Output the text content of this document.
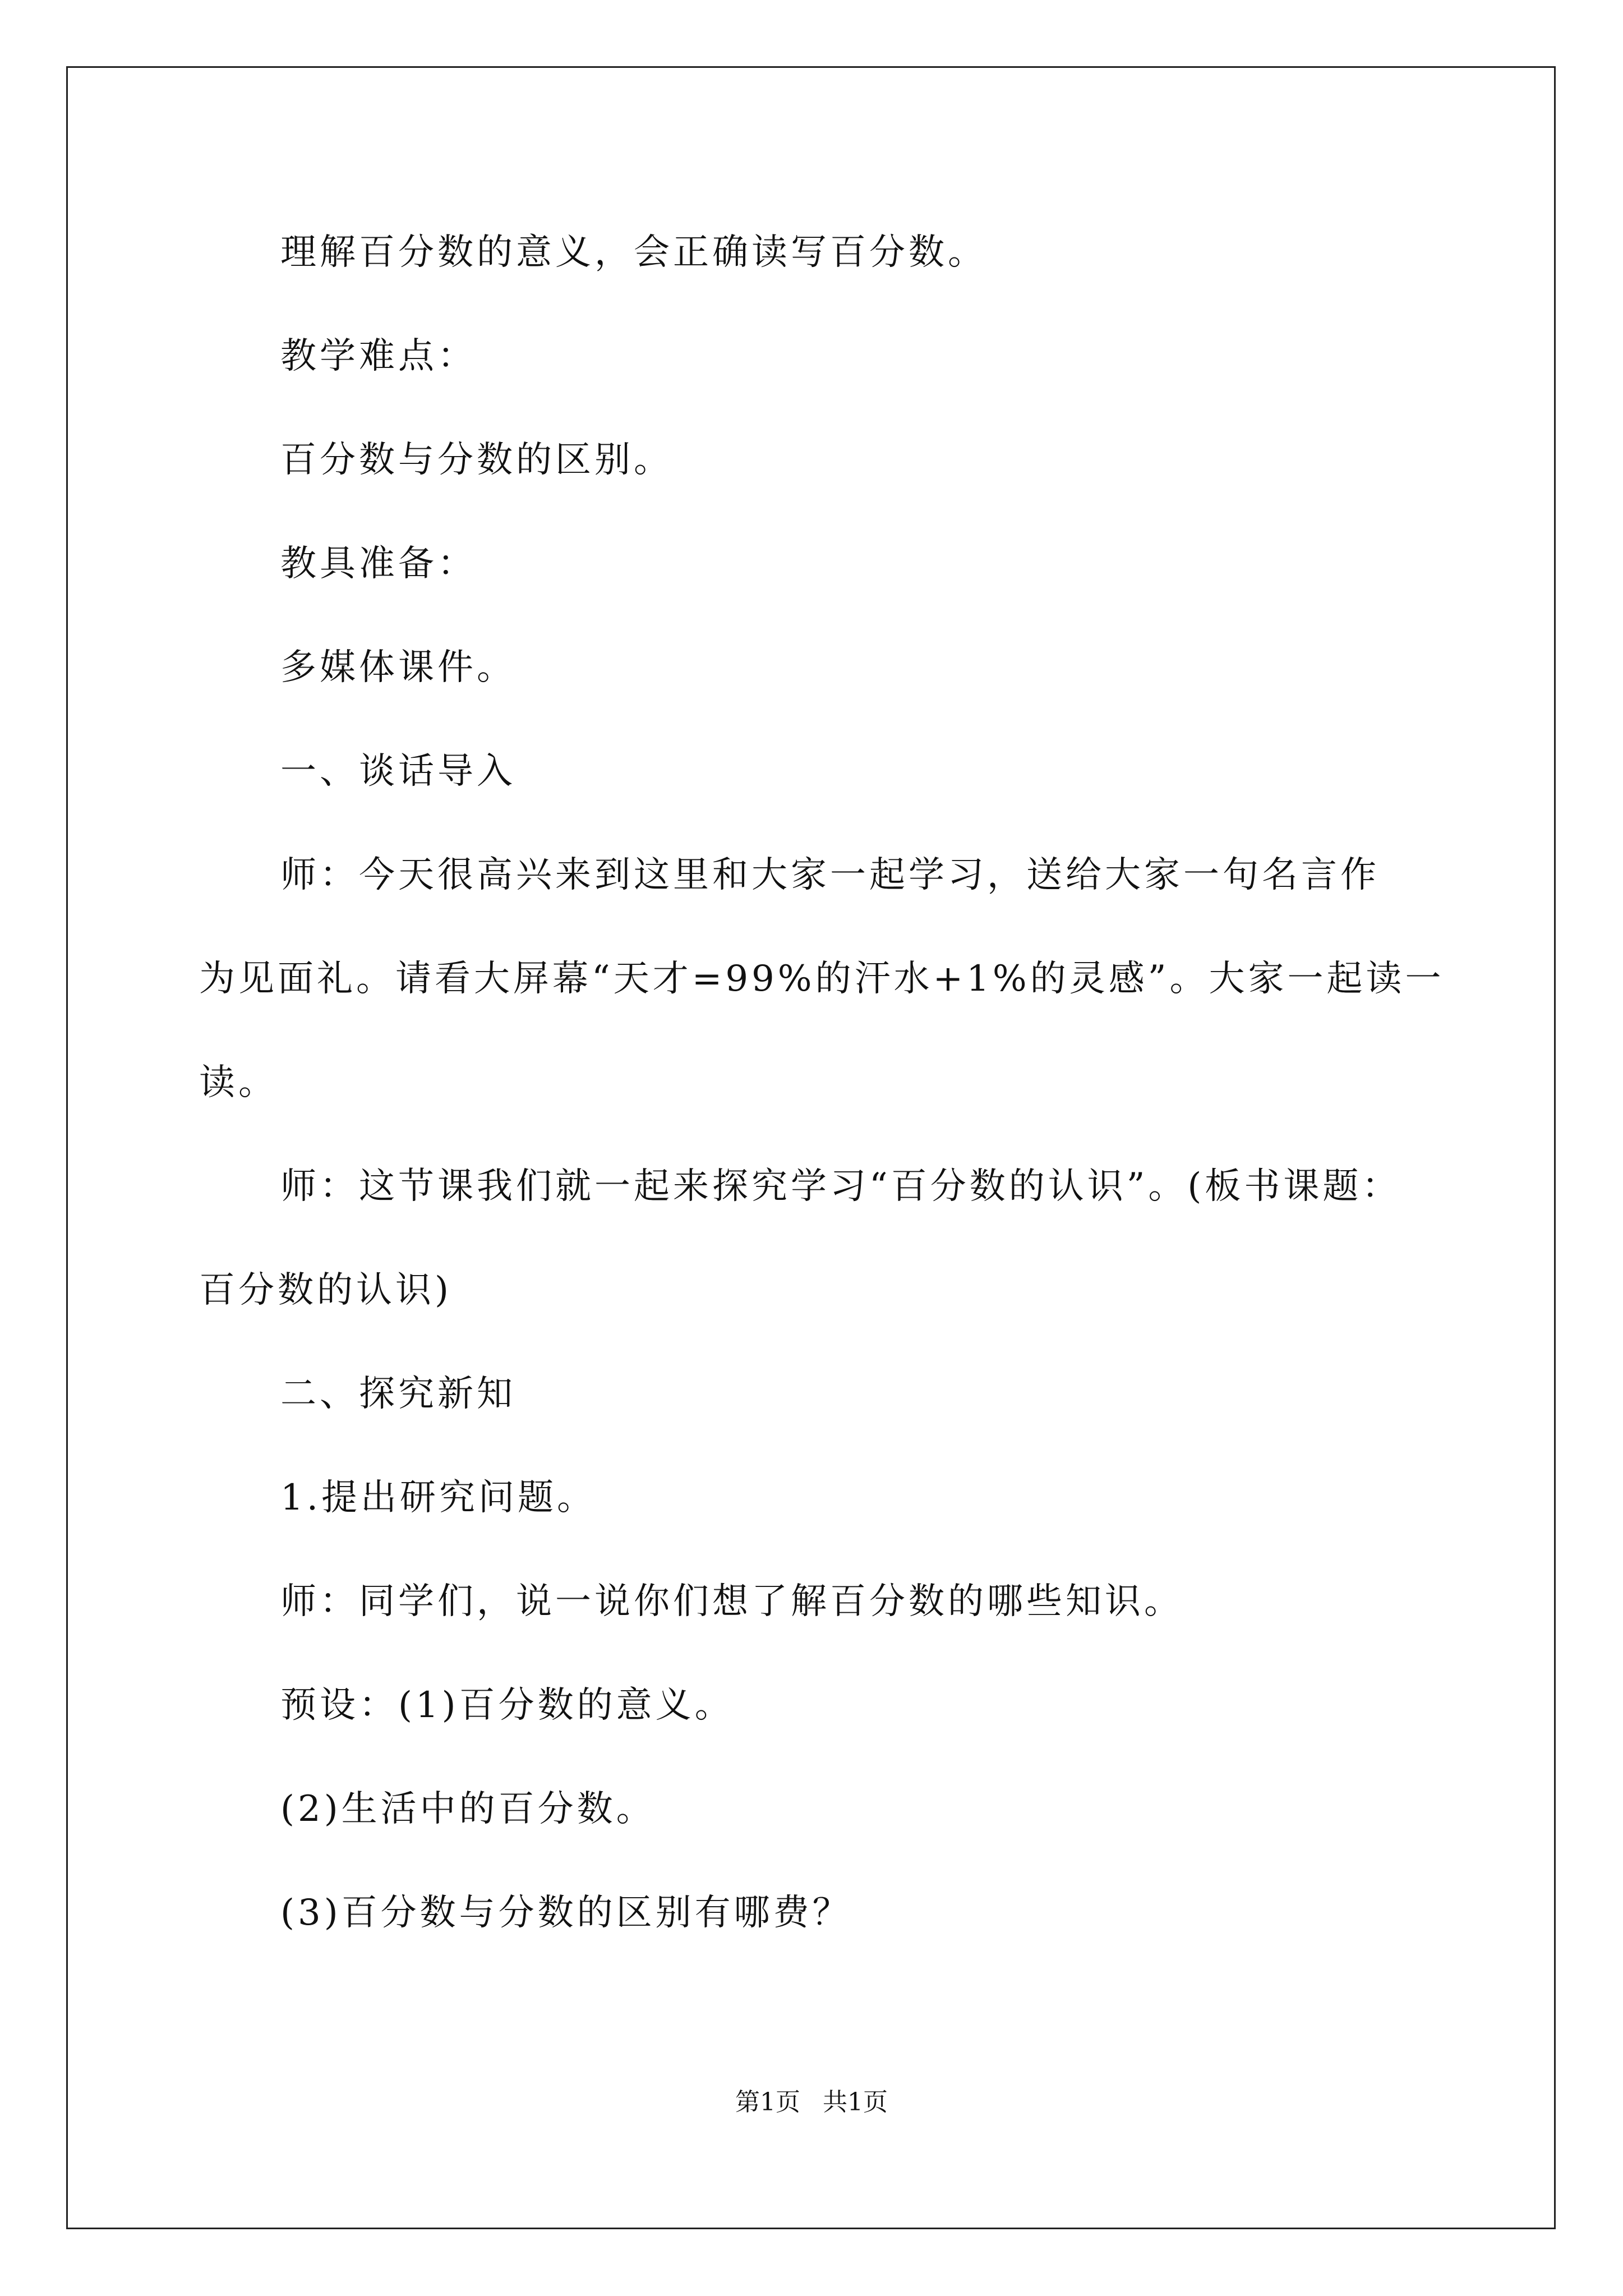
理解百分数的意义，会正确读写百分数。
教学难点：
百分数与分数的区别。
教具准备：
多媒体课件。
一、谈话导入
师：今天很高兴来到这里和大家一起学习，送给大家一句名言作
为见面礼。请看大屏幕“天才=99%的汗水+1%的灵感”。大家一起读一
读。
师：这节课我们就一起来探究学习“百分数的认识”。(板书课题：
百分数的认识)
二、探究新知
1.提出研究问题。
师：同学们，说一说你们想了解百分数的哪些知识。
预设：(1)百分数的意义。
(2)生活中的百分数。
(3)百分数与分数的区别有哪费？
第1页 共1页
